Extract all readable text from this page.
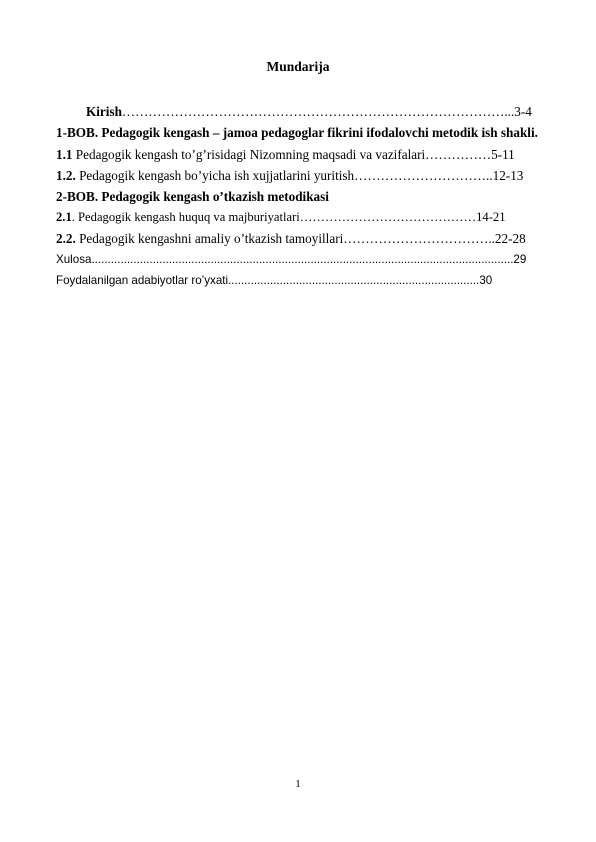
Mundarija
Kirish……………………………………………………………………………...3-4
1-BOB. Pedagogik kengash – jamoa pedagoglar fikrini ifodalovchi metodik ish shakli.
1.1 Pedagogik kengash to’g’risidagi Nizomning maqsadi va vazifalari……………5-11
1.2. Pedagogik kengash bo’yicha ish xujjatlarini yuritish…………………………..12-13
2-BOB. Pedagogik kengash o’tkazish metodikasi
2.1. Pedagogik kengash huquq va majburiyatlari……………………………………14-21
2.2. Pedagogik kengashni amaliy o’tkazish tamoyillari……………………………..22-28
Xulosa...................................................................................................................................29
Foydalanilgan adabiyotlar ro’yxati..............................................................................30
1
